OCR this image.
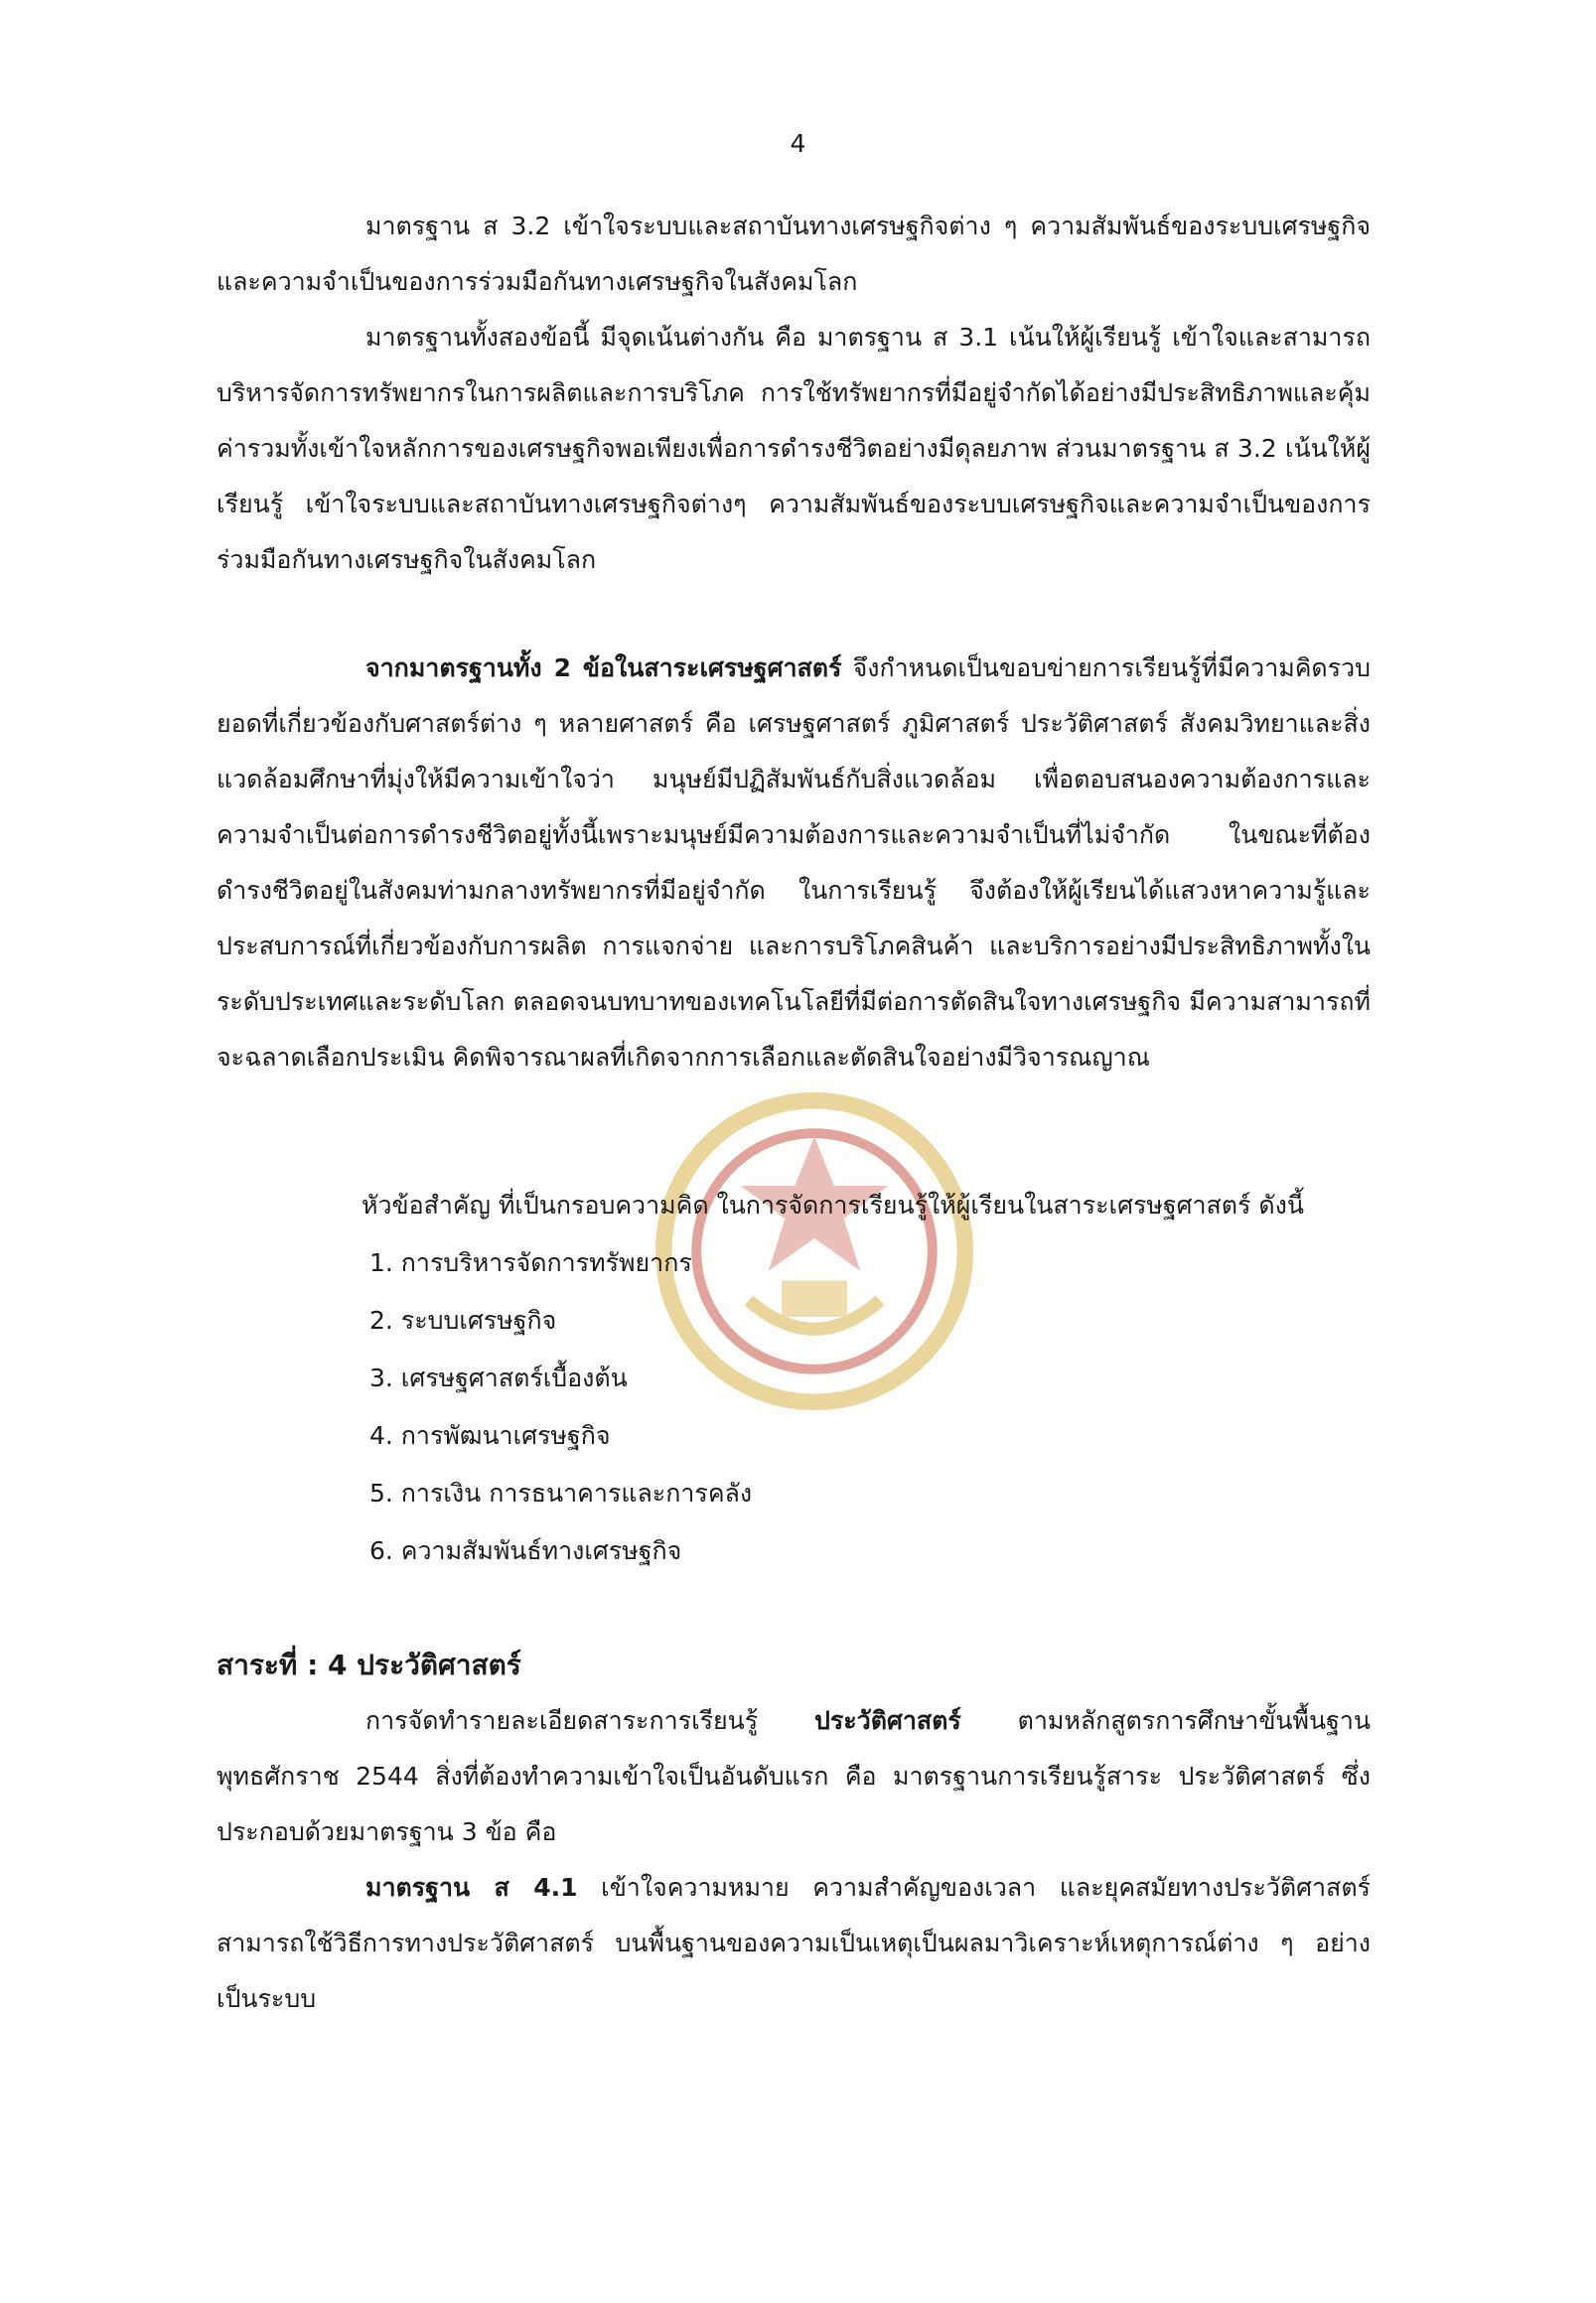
4

มาตรฐาน ส 3.2 เข้าใจระบบและสถาบันทางเศรษฐกิจต่าง ๆ ความสัมพันธ์ของระบบเศรษฐกิจและความจำเป็นของการร่วมมือกันทางเศรษฐกิจในสังคมโลก

มาตรฐานทั้งสองข้อนี้ มีจุดเน้นต่างกัน คือ มาตรฐาน ส 3.1 เน้นให้ผู้เรียนรู้ เข้าใจและสามารถบริหารจัดการทรัพยากรในการผลิตและการบริโภค การใช้ทรัพยากรที่มีอยู่จำกัดได้อย่างมีประสิทธิภาพและคุ้มค่ารวมทั้งเข้าใจหลักการของเศรษฐกิจพอเพียงเพื่อการดำรงชีวิตอย่างมีดุลยภาพ ส่วนมาตรฐาน ส 3.2 เน้นให้ผู้เรียนรู้ เข้าใจระบบและสถาบันทางเศรษฐกิจต่างๆ ความสัมพันธ์ของระบบเศรษฐกิจและความจำเป็นของการร่วมมือกันทางเศรษฐกิจในสังคมโลก

จากมาตรฐานทั้ง 2 ข้อในสาระเศรษฐศาสตร์ จึงกำหนดเป็นขอบข่ายการเรียนรู้ที่มีความคิดรวบยอดที่เกี่ยวข้องกับศาสตร์ต่าง ๆ หลายศาสตร์ คือ เศรษฐศาสตร์ ภูมิศาสตร์ ประวัติศาสตร์ สังคมวิทยาและสิ่งแวดล้อมศึกษาที่มุ่งให้มีความเข้าใจว่า มนุษย์มีปฏิสัมพันธ์กับสิ่งแวดล้อม เพื่อตอบสนองความต้องการและความจำเป็นต่อการดำรงชีวิตอยู่ทั้งนี้เพราะมนุษย์มีความต้องการและความจำเป็นที่ไม่จำกัด ในขณะที่ต้องดำรงชีวิตอยู่ในสังคมท่ามกลางทรัพยากรที่มีอยู่จำกัด ในการเรียนรู้ จึงต้องให้ผู้เรียนได้แสวงหาความรู้และประสบการณ์ที่เกี่ยวข้องกับการผลิต การแจกจ่าย และการบริโภคสินค้า และบริการอย่างมีประสิทธิภาพทั้งในระดับประเทศและระดับโลก ตลอดจนบทบาทของเทคโนโลยีที่มีต่อการตัดสินใจทางเศรษฐกิจ มีความสามารถที่จะฉลาดเลือกประเมิน คิดพิจารณาผลที่เกิดจากการเลือกและตัดสินใจอย่างมีวิจารณญาณ

หัวข้อสำคัญ ที่เป็นกรอบความคิด ในการจัดการเรียนรู้ให้ผู้เรียนในสาระเศรษฐศาสตร์ ดังนี้
1. การบริหารจัดการทรัพยากร
2. ระบบเศรษฐกิจ
3. เศรษฐศาสตร์เบื้องต้น
4. การพัฒนาเศรษฐกิจ
5. การเงิน การธนาคารและการคลัง
6. ความสัมพันธ์ทางเศรษฐกิจ
สาระที่ : 4 ประวัติศาสตร์

การจัดทำรายละเอียดสาระการเรียนรู้ ประวัติศาสตร์ ตามหลักสูตรการศึกษาขั้นพื้นฐาน พุทธศักราช 2544 สิ่งที่ต้องทำความเข้าใจเป็นอันดับแรก คือ มาตรฐานการเรียนรู้สาระ ประวัติศาสตร์ ซึ่งประกอบด้วยมาตรฐาน 3 ข้อ คือ

มาตรฐาน ส 4.1 เข้าใจความหมาย ความสำคัญของเวลา และยุคสมัยทางประวัติศาสตร์ สามารถใช้วิธีการทางประวัติศาสตร์ บนพื้นฐานของความเป็นเหตุเป็นผลมาวิเคราะห์เหตุการณ์ต่าง ๆ อย่างเป็นระบบ
